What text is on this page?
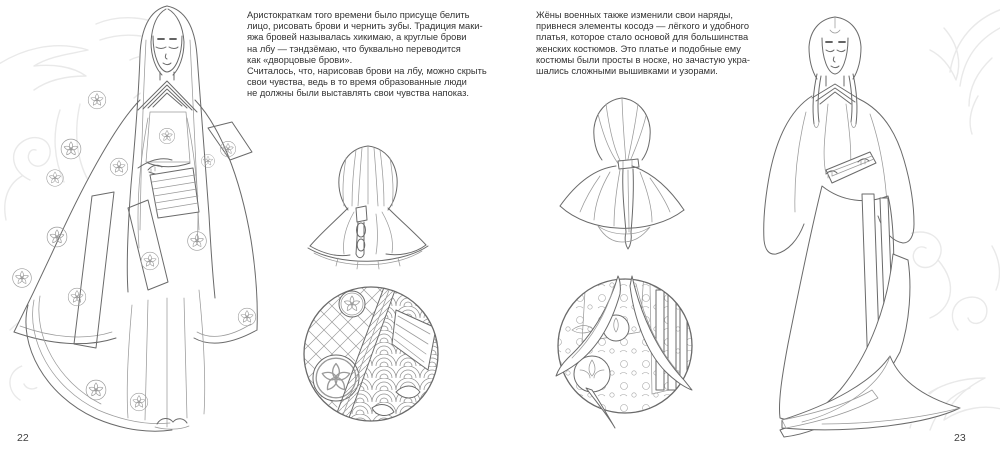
Аристократкам того времени было присуще белить
лицо, рисовать брови и чернить зубы. Традиция маки-
яжа бровей называлась хикимаю, а круглые брови
на лбу — тэндзёмаю, что буквально переводится
как «дворцовые брови».
Считалось, что, нарисовав брови на лбу, можно скрыть
свои чувства, ведь в то время образованные люди
не должны были выставлять свои чувства напоказ.
Жёны военных также изменили свои наряды,
привнеся элементы косодэ — лёгкого и удобного
платья, которое стало основой для большинства
женских костюмов. Это платье и подобные ему
костюмы были просты в носке, но зачастую укра-
шались сложными вышивками и узорами.
22	23
